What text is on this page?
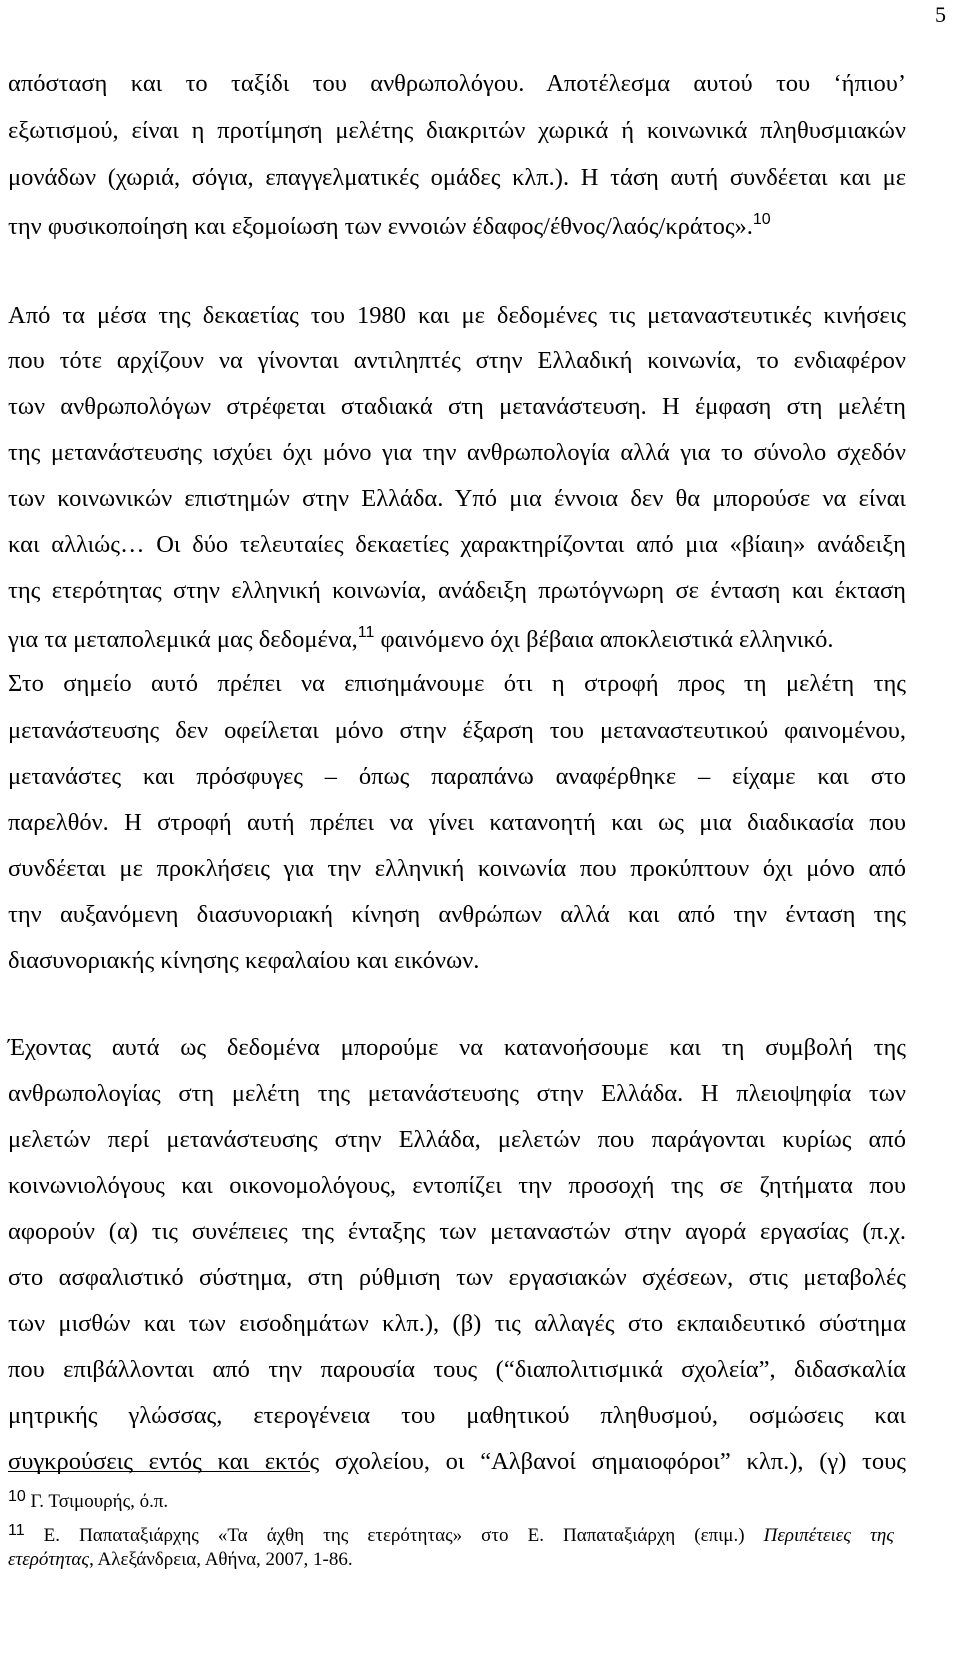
5
απόσταση και το ταξίδι του ανθρωπολόγου. Αποτέλεσμα αυτού του ‘ήπιου’
εξωτισμού, είναι η προτίμηση μελέτης διακριτών χωρικά ή κοινωνικά πληθυσμιακών
μονάδων (χωριά, σόγια, επαγγελματικές ομάδες κλπ.). Η τάση αυτή συνδέεται και με
την φυσικοποίηση και εξομοίωση των εννοιών έδαφος/έθνος/λαός/κράτος».$^{10}$
Από τα μέσα της δεκαετίας του 1980 και με δεδομένες τις μεταναστευτικές κινήσεις
που τότε αρχίζουν να γίνονται αντιληπτές στην Ελλαδική κοινωνία, το ενδιαφέρον
των ανθρωπολόγων στρέφεται σταδιακά στη μετανάστευση. Η έμφαση στη μελέτη
της μετανάστευσης ισχύει όχι μόνο για την ανθρωπολογία αλλά για το σύνολο σχεδόν
των κοινωνικών επιστημών στην Ελλάδα. Υπό μια έννοια δεν θα μπορούσε να είναι
και αλλιώς… Οι δύο τελευταίες δεκαετίες χαρακτηρίζονται από μια «βίαιη» ανάδειξη
της ετερότητας στην ελληνική κοινωνία, ανάδειξη πρωτόγνωρη σε ένταση και έκταση
για τα μεταπολεμικά μας δεδομένα,$^{11}$ φαινόμενο όχι βέβαια αποκλειστικά ελληνικό.
Στο σημείο αυτό πρέπει να επισημάνουμε ότι η στροφή προς τη μελέτη της
μετανάστευσης δεν οφείλεται μόνο στην έξαρση του μεταναστευτικού φαινομένου,
μετανάστες και πρόσφυγες – όπως παραπάνω αναφέρθηκε – είχαμε και στο
παρελθόν. Η στροφή αυτή πρέπει να γίνει κατανοητή και ως μια διαδικασία που
συνδέεται με προκλήσεις για την ελληνική κοινωνία που προκύπτουν όχι μόνο από
την αυξανόμενη διασυνοριακή κίνηση ανθρώπων αλλά και από την ένταση της
διασυνοριακής κίνησης κεφαλαίου και εικόνων.
Έχοντας αυτά ως δεδομένα μπορούμε να κατανοήσουμε και τη συμβολή της
ανθρωπολογίας στη μελέτη της μετανάστευσης στην Ελλάδα. Η πλειοψηφία των
μελετών περί μετανάστευσης στην Ελλάδα, μελετών που παράγονται κυρίως από
κοινωνιολόγους και οικονομολόγους, εντοπίζει την προσοχή της σε ζητήματα που
αφορούν (α) τις συνέπειες της ένταξης των μεταναστών στην αγορά εργασίας (π.χ.
στο ασφαλιστικό σύστημα, στη ρύθμιση των εργασιακών σχέσεων, στις μεταβολές
των μισθών και των εισοδημάτων κλπ.), (β) τις αλλαγές στο εκπαιδευτικό σύστημα
που επιβάλλονται από την παρουσία τους (“διαπολιτισμικά σχολεία”, διδασκαλία
μητρικής γλώσσας, ετερογένεια του μαθητικού πληθυσμού, οσμώσεις και
συγκρούσεις εντός και εκτός σχολείου, οι “Αλβανοί σημαιοφόροι” κλπ.), (γ) τους
$^{10}$ Γ. Τσιμουρής, ό.π.
$^{11}$ Ε. Παπαταξιάρχης «Τα άχθη της ετερότητας» στο Ε. Παπαταξιάρχη (επιμ.) Περιπέτειες της
ετερότητας, Αλεξάνδρεια, Αθήνα, 2007, 1-86.
